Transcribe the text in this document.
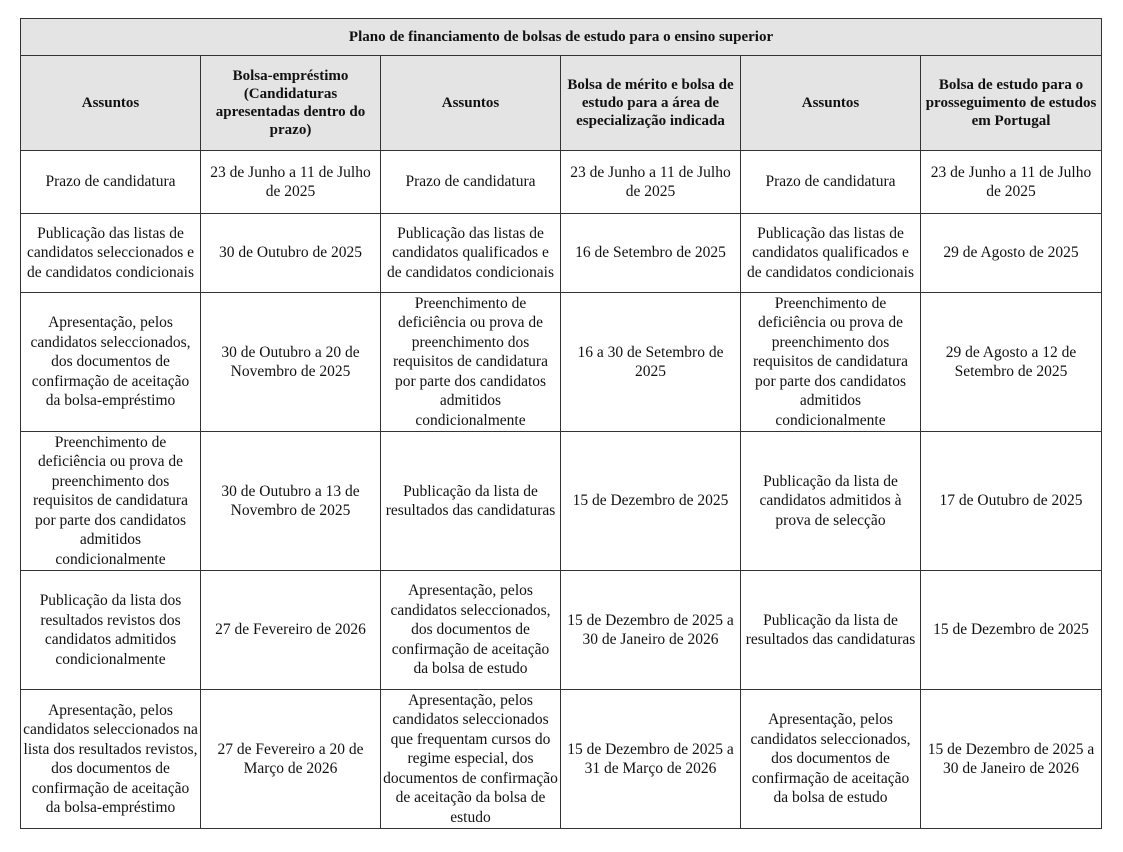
Plano de financiamento de bolsas de estudo para o ensino superior					
Assuntos	Bolsa-empréstimo (Candidaturas apresentadas dentro do prazo)	Assuntos	Bolsa de mérito e bolsa de estudo para a área de especialização indicada	Assuntos	Bolsa de estudo para o prosseguimento de estudos em Portugal
Prazo de candidatura	23 de Junho a 11 de Julho de 2025	Prazo de candidatura	23 de Junho a 11 de Julho de 2025	Prazo de candidatura	23 de Junho a 11 de Julho de 2025
Publicação das listas de candidatos seleccionados e de candidatos condicionais	30 de Outubro de 2025	Publicação das listas de candidatos qualificados e de candidatos condicionais	16 de Setembro de 2025	Publicação das listas de candidatos qualificados e de candidatos condicionais	29 de Agosto de 2025
Apresentação, pelos candidatos seleccionados, dos documentos de confirmação de aceitação da bolsa-empréstimo	30 de Outubro a 20 de Novembro de 2025	Preenchimento de deficiência ou prova de preenchimento dos requisitos de candidatura por parte dos candidatos admitidos condicionalmente	16 a 30 de Setembro de 2025	Preenchimento de deficiência ou prova de preenchimento dos requisitos de candidatura por parte dos candidatos admitidos condicionalmente	29 de Agosto a 12 de Setembro de 2025
Preenchimento de deficiência ou prova de preenchimento dos requisitos de candidatura por parte dos candidatos admitidos condicionalmente	30 de Outubro a 13 de Novembro de 2025	Publicação da lista de resultados das candidaturas	15 de Dezembro de 2025	Publicação da lista de candidatos admitidos à prova de selecção	17 de Outubro de 2025
Publicação da lista dos resultados revistos dos candidatos admitidos condicionalmente	27 de Fevereiro de 2026	Apresentação, pelos candidatos seleccionados, dos documentos de confirmação de aceitação da bolsa de estudo	15 de Dezembro de 2025 a 30 de Janeiro de 2026	Publicação da lista de resultados das candidaturas	15 de Dezembro de 2025
Apresentação, pelos candidatos seleccionados na lista dos resultados revistos, dos documentos de confirmação de aceitação da bolsa-empréstimo	27 de Fevereiro a 20 de Março de 2026	Apresentação, pelos candidatos seleccionados que frequentam cursos do regime especial, dos documentos de confirmação de aceitação da bolsa de estudo	15 de Dezembro de 2025 a 31 de Março de 2026	Apresentação, pelos candidatos seleccionados, dos documentos de confirmação de aceitação da bolsa de estudo	15 de Dezembro de 2025 a 30 de Janeiro de 2026
